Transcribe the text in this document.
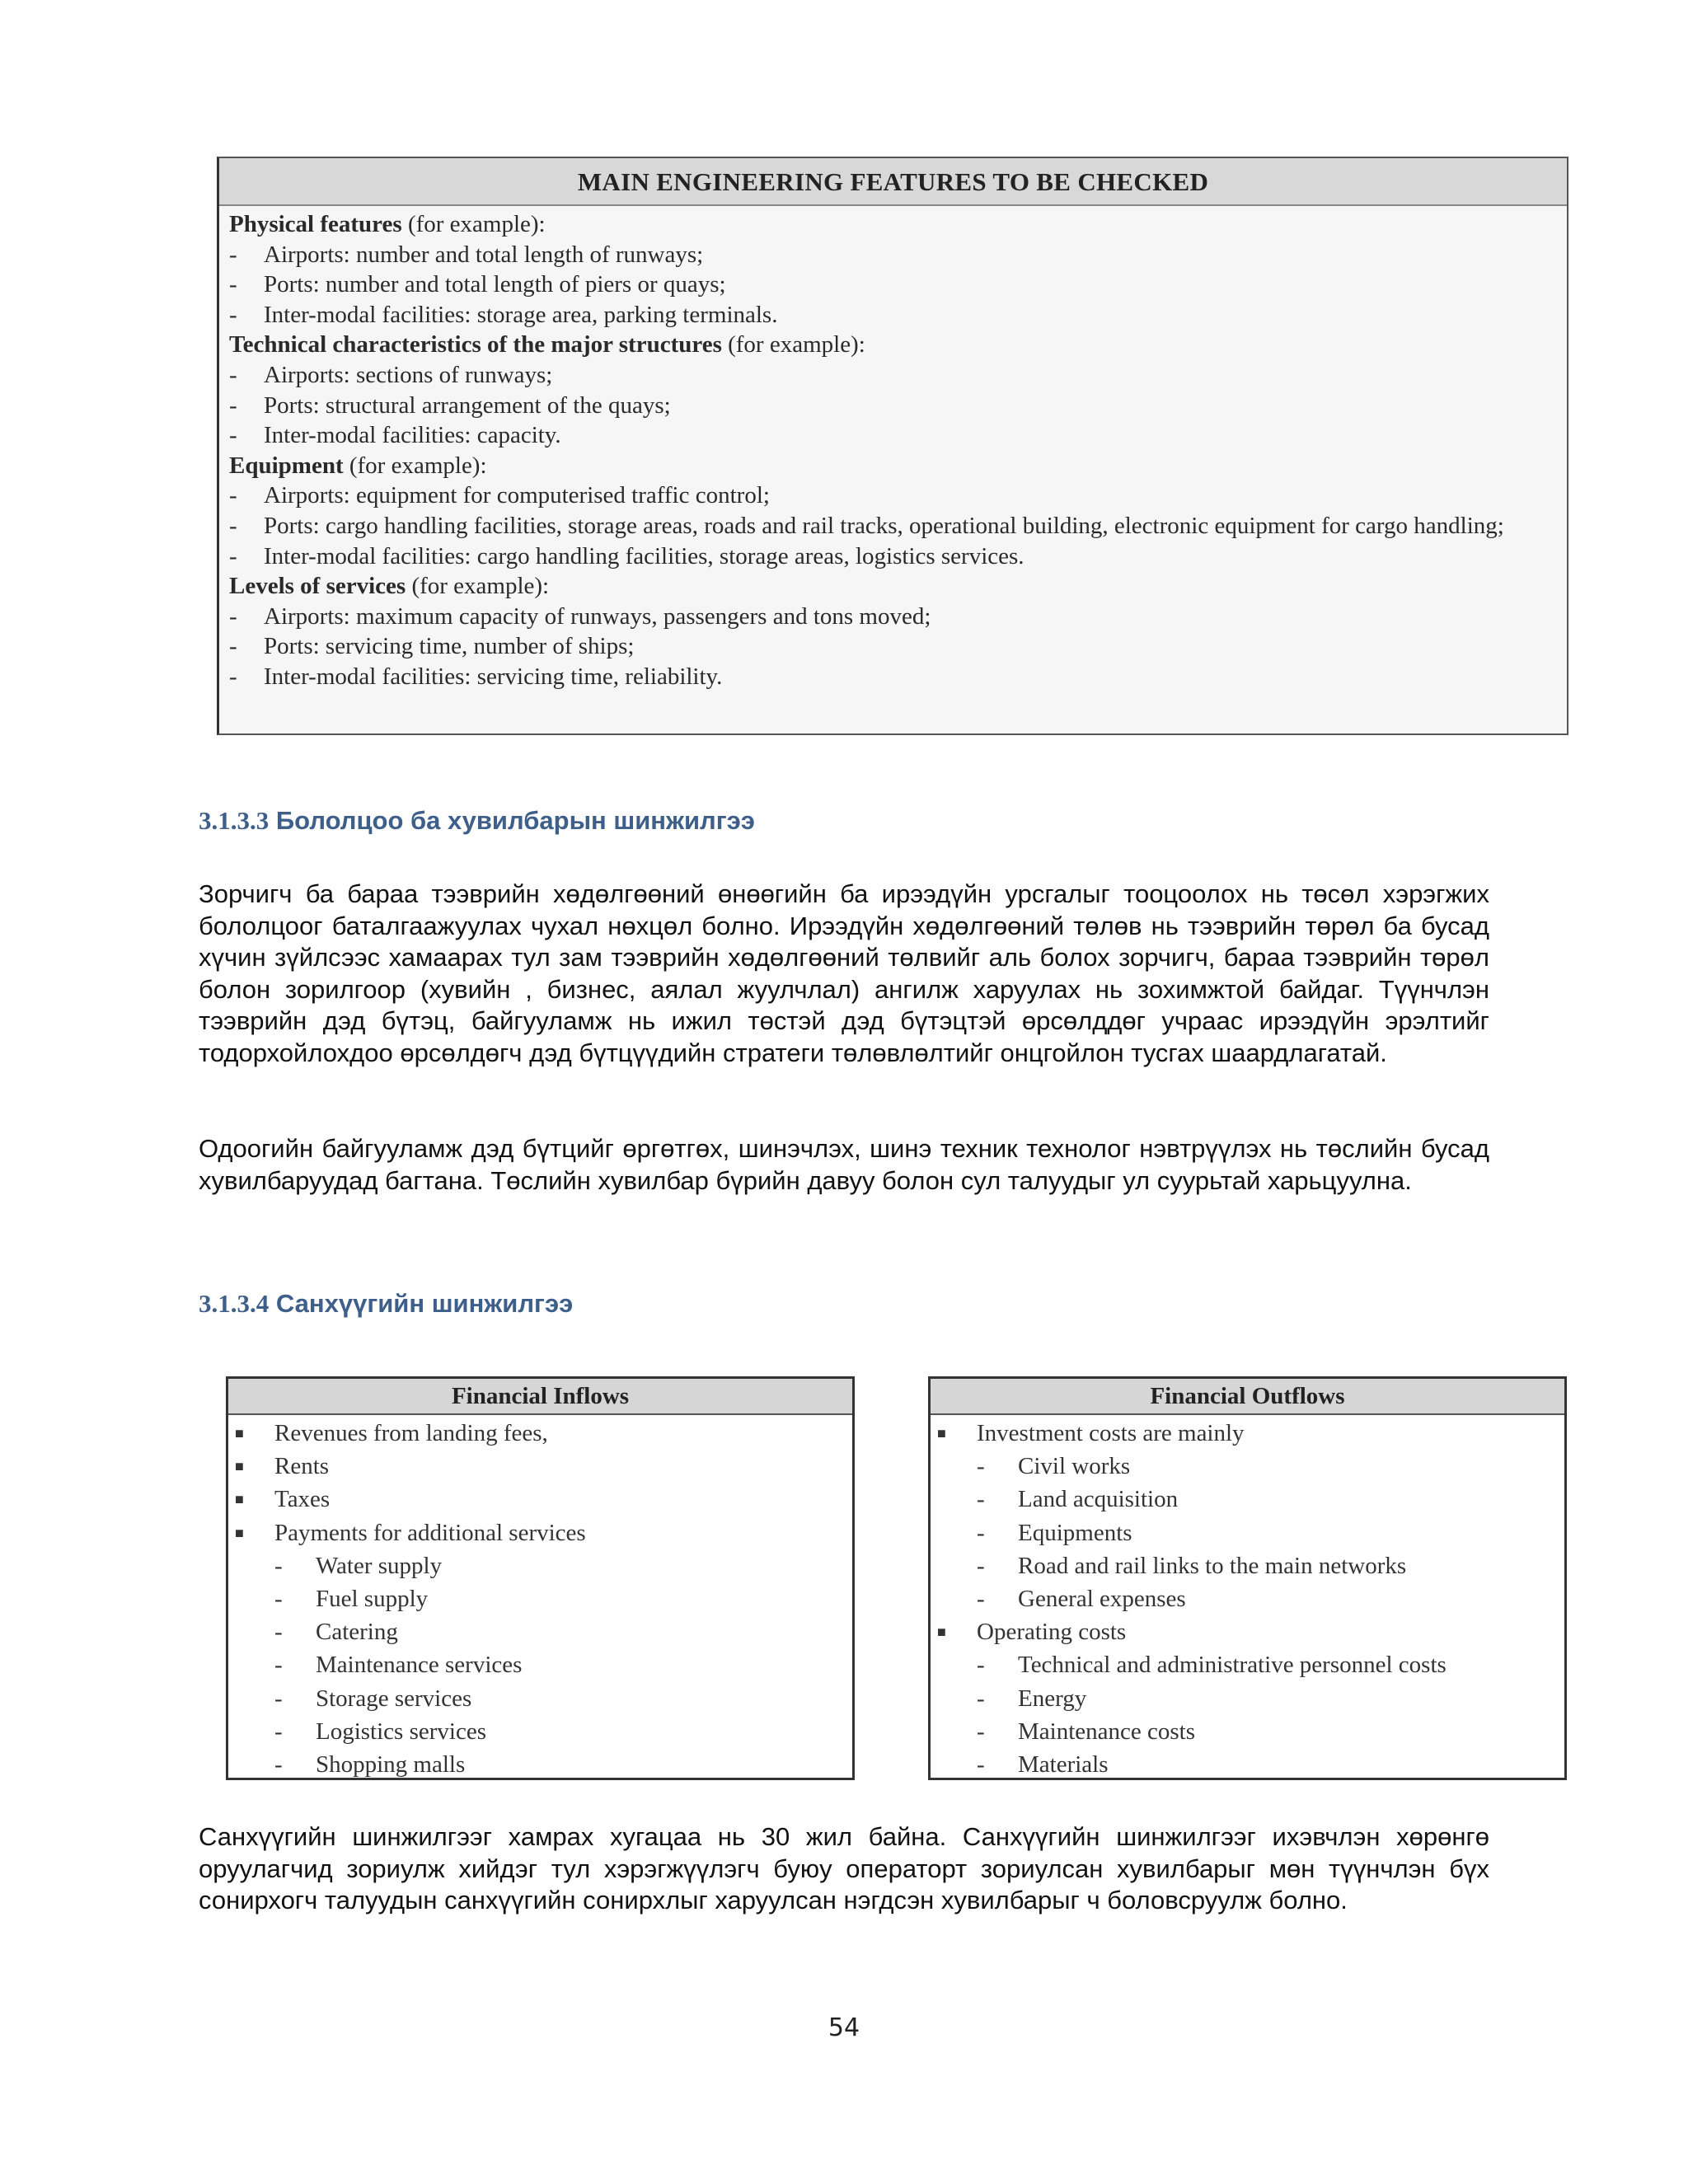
MAIN ENGINEERING FEATURES TO BE CHECKED
Physical features (for example):
-	Airports: number and total length of runways;
-	Ports: number and total length of piers or quays;
-	Inter-modal facilities: storage area, parking terminals.
Technical characteristics of the major structures (for example):
-	Airports: sections of runways;
-	Ports: structural arrangement of the quays;
-	Inter-modal facilities: capacity.
Equipment (for example):
-	Airports: equipment for computerised traffic control;
-	Ports: cargo handling facilities, storage areas, roads and rail tracks, operational building, electronic equipment for cargo handling;
-	Inter-modal facilities: cargo handling facilities, storage areas, logistics services.
Levels of services (for example):
-	Airports: maximum capacity of runways, passengers and tons moved;
-	Ports: servicing time, number of ships;
-	Inter-modal facilities: servicing time, reliability.
3.1.3.3 Бололцоо ба хувилбарын шинжилгээ

Зорчигч ба бараа тээврийн хөдөлгөөний өнөөгийн ба ирээдүйн урсгалыг тооцоолох нь төсөл хэрэгжих бололцоог баталгаажуулах чухал нөхцөл болно. Ирээдүйн хөдөлгөөний төлөв нь тээврийн төрөл ба бусад хүчин зүйлсээс хамаарах тул зам тээврийн хөдөлгөөний төлвийг аль болох зорчигч, бараа тээврийн төрөл болон зорилгоор (хувийн , бизнес, аялал жуулчлал) ангилж харуулах нь зохимжтой байдаг. Түүнчлэн тээврийн дэд бүтэц, байгууламж нь ижил төстэй дэд бүтэцтэй өрсөлддөг учраас ирээдүйн эрэлтийг тодорхойлохдоо өрсөлдөгч дэд бүтцүүдийн стратеги төлөвлөлтийг онцгойлон тусгах шаардлагатай.

Одоогийн байгууламж дэд бүтцийг өргөтгөх, шинэчлэх, шинэ техник технолог нэвтрүүлэх нь төслийн бусад хувилбаруудад багтана. Төслийн хувилбар бүрийн давуу болон сул талуудыг ул суурьтай харьцуулна.

3.1.3.4 Санхүүгийн шинжилгээ
Financial Inflows
■	Revenues from landing fees,
■	Rents
■	Taxes
■	Payments for additional services
-	Water supply
-	Fuel supply
-	Catering
-	Maintenance services
-	Storage services
-	Logistics services
-	Shopping malls
Financial Outflows
■	Investment costs are mainly
-	Civil works
-	Land acquisition
-	Equipments
-	Road and rail links to the main networks
-	General expenses
■	Operating costs
-	Technical and administrative personnel costs
-	Energy
-	Maintenance costs
-	Materials

Санхүүгийн шинжилгээг хамрах хугацаа нь 30 жил байна. Санхүүгийн шинжилгээг ихэвчлэн хөрөнгө оруулагчид зориулж хийдэг тул хэрэгжүүлэгч буюу операторт зориулсан хувилбарыг мөн түүнчлэн бүх сонирхогч талуудын санхүүгийн сонирхлыг харуулсан нэгдсэн хувилбарыг ч боловсруулж болно.

54
